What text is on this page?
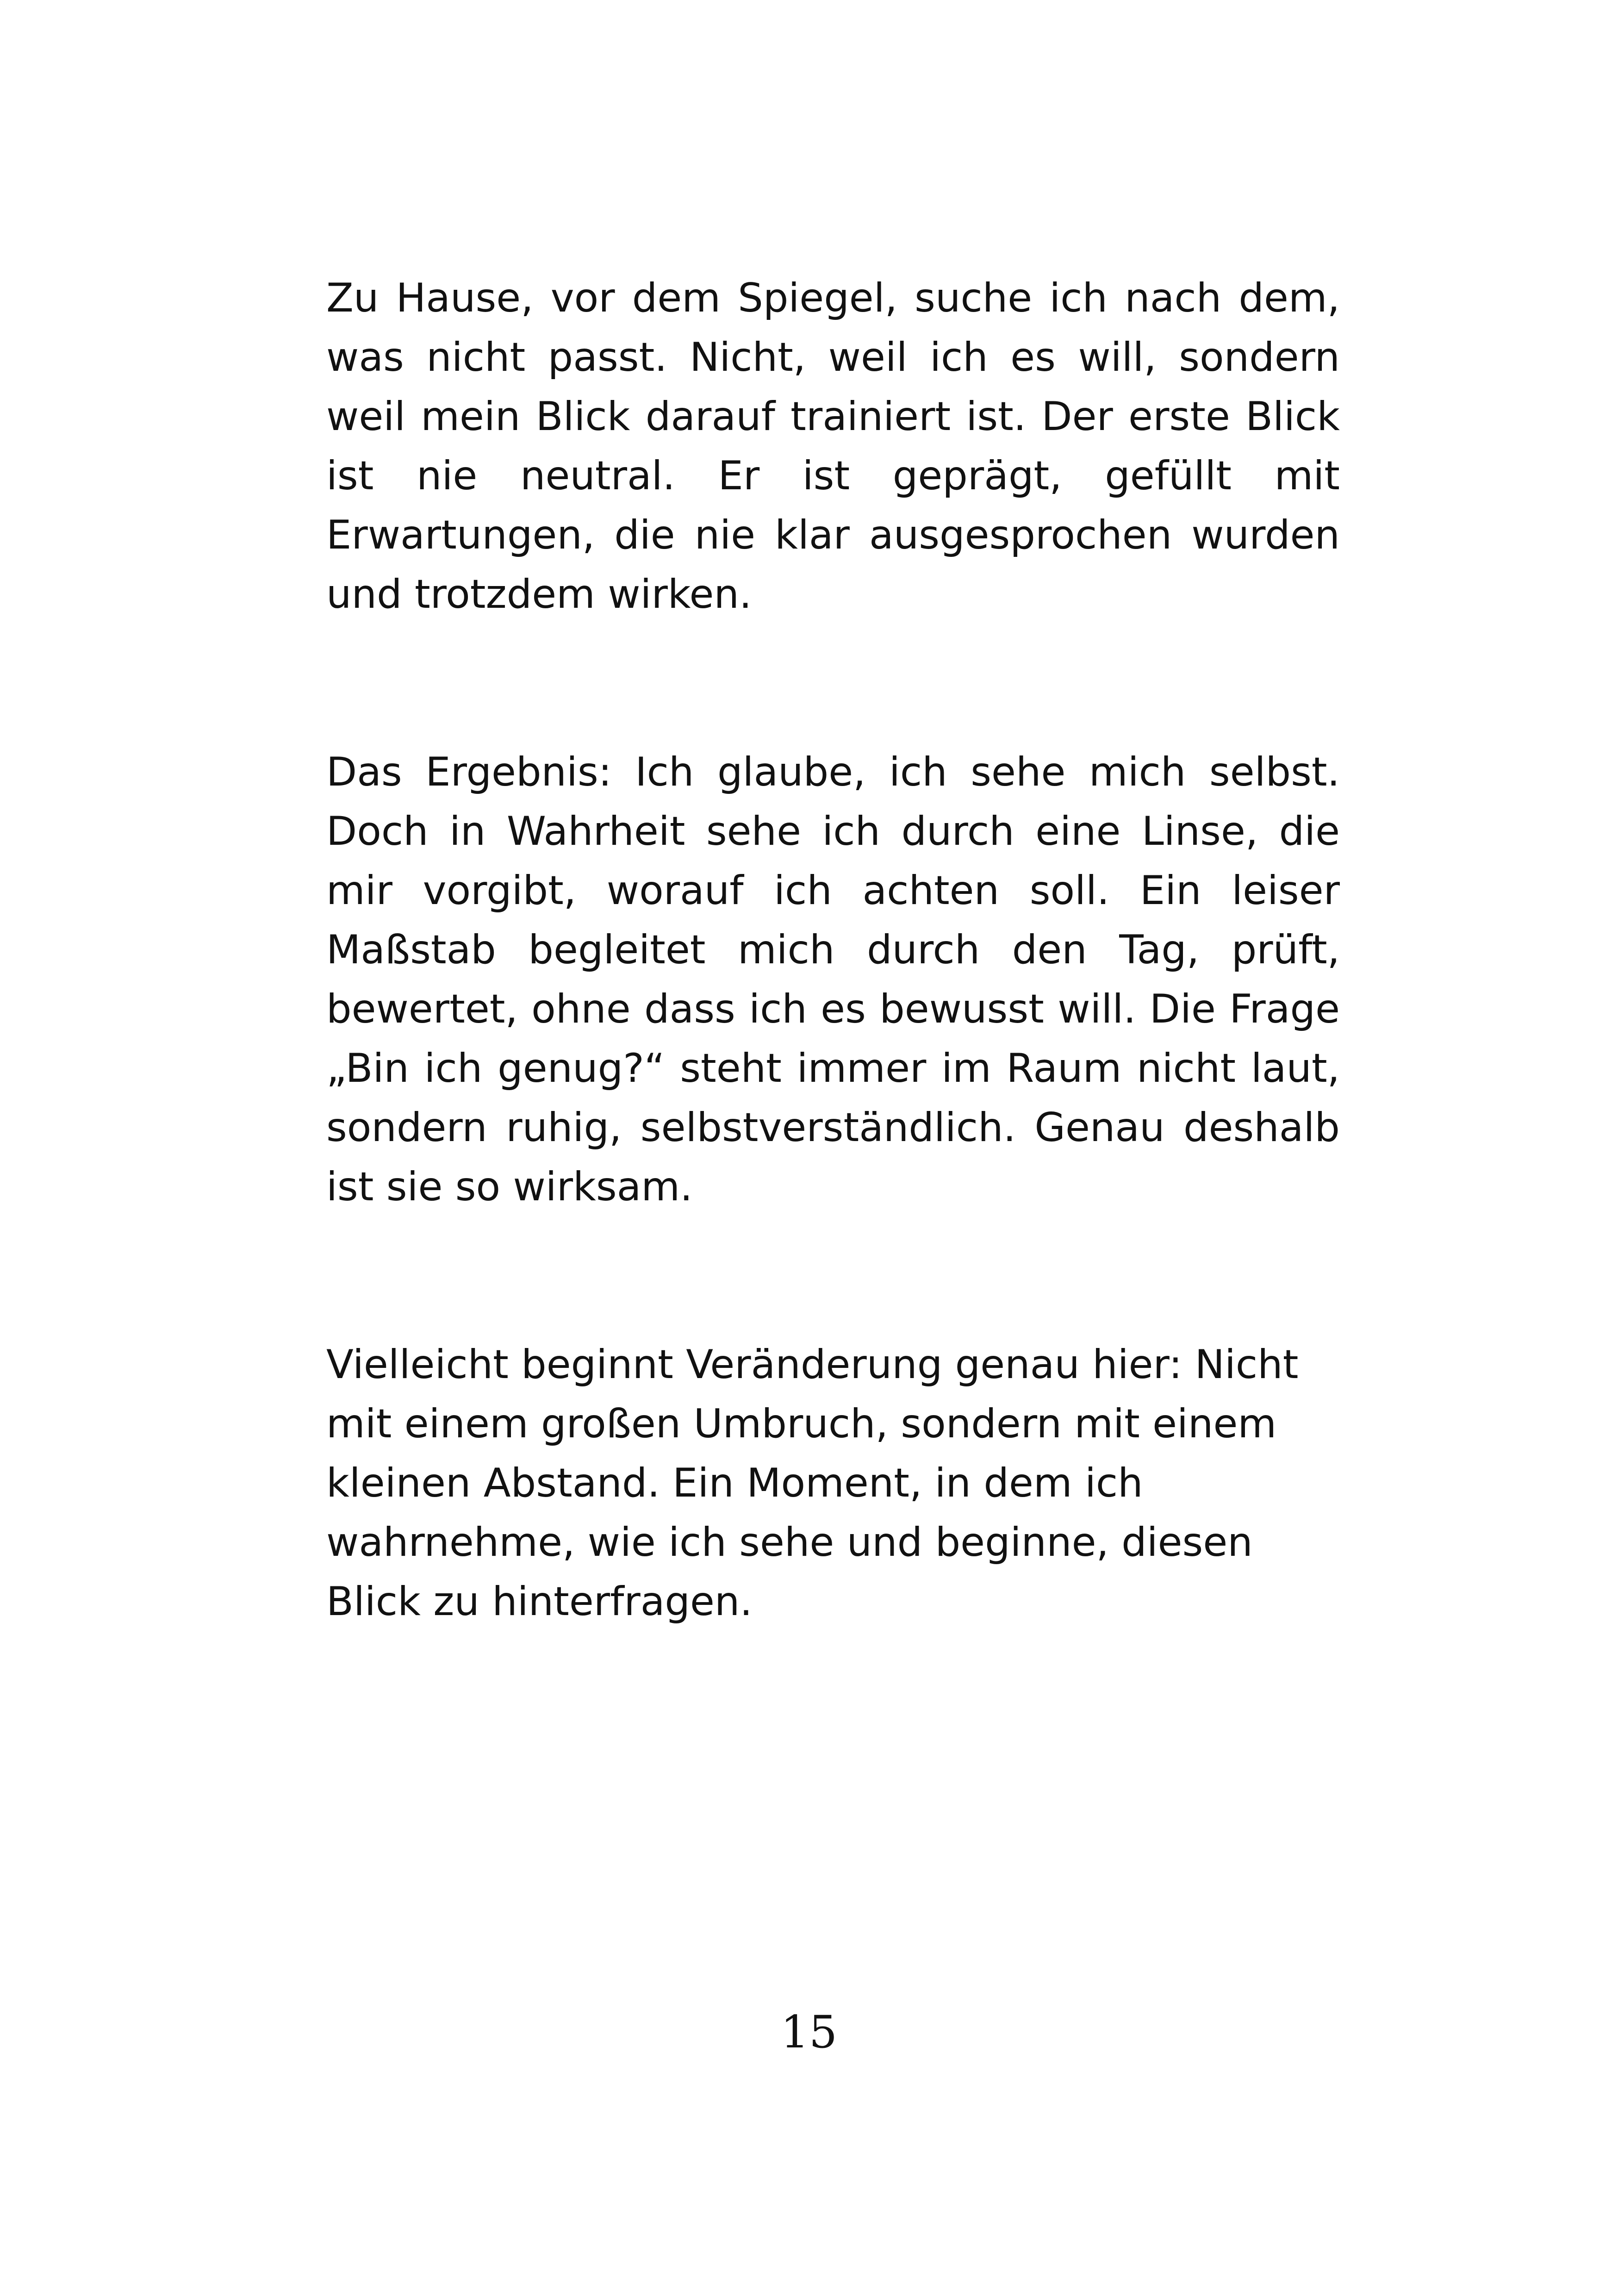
Zu Hause, vor dem Spiegel, suche ich nach dem, was nicht passt. Nicht, weil ich es will, sondern weil mein Blick darauf trainiert ist. Der erste Blick ist nie neutral. Er ist geprägt, gefüllt mit Erwartungen, die nie klar ausgesprochen wurden und trotzdem wirken.

Das Ergebnis: Ich glaube, ich sehe mich selbst. Doch in Wahrheit sehe ich durch eine Linse, die mir vorgibt, worauf ich achten soll. Ein leiser Maßstab begleitet mich durch den Tag, prüft, bewertet, ohne dass ich es bewusst will. Die Frage „Bin ich genug?“ steht immer im Raum nicht laut, sondern ruhig, selbstverständlich. Genau deshalb ist sie so wirksam.

Vielleicht beginnt Veränderung genau hier: Nicht mit einem großen Umbruch, sondern mit einem kleinen Abstand. Ein Moment, in dem ich wahrnehme, wie ich sehe und beginne, diesen Blick zu hinterfragen.

15
